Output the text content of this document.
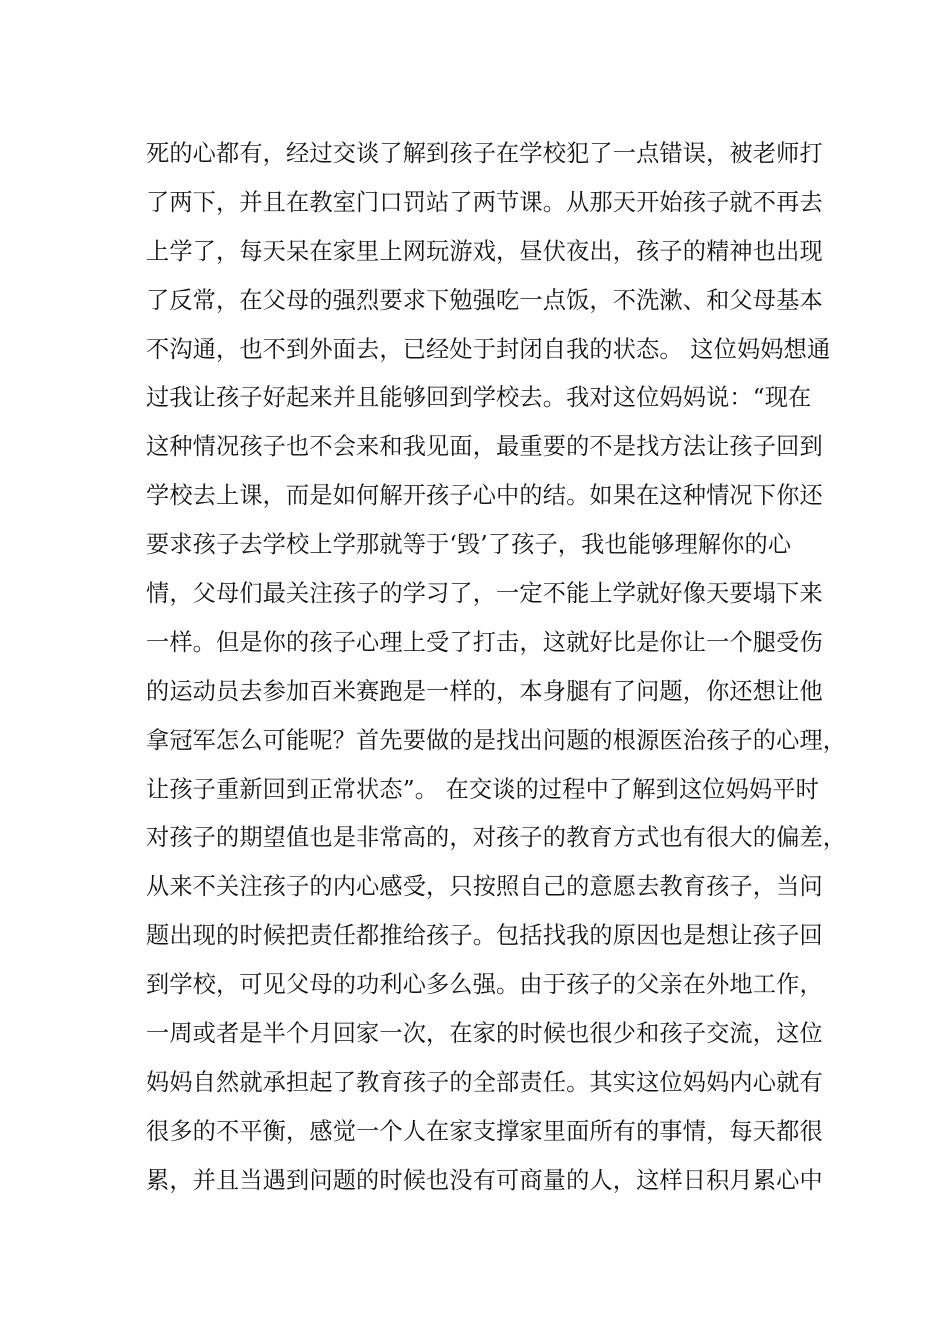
死的心都有，经过交谈了解到孩子在学校犯了一点错误，被老师打
了两下，并且在教室门口罚站了两节课。从那天开始孩子就不再去
上学了，每天呆在家里上网玩游戏，昼伏夜出，孩子的精神也出现
了反常，在父母的强烈要求下勉强吃一点饭，不洗漱、和父母基本
不沟通，也不到外面去，已经处于封闭自我的状态。 这位妈妈想通
过我让孩子好起来并且能够回到学校去。我对这位妈妈说：“现在
这种情况孩子也不会来和我见面，最重要的不是找方法让孩子回到
学校去上课，而是如何解开孩子心中的结。如果在这种情况下你还
要求孩子去学校上学那就等于‘毁’了孩子，我也能够理解你的心
情，父母们最关注孩子的学习了，一定不能上学就好像天要塌下来
一样。但是你的孩子心理上受了打击，这就好比是你让一个腿受伤
的运动员去参加百米赛跑是一样的，本身腿有了问题，你还想让他
拿冠军怎么可能呢？首先要做的是找出问题的根源医治孩子的心理，
让孩子重新回到正常状态”。 在交谈的过程中了解到这位妈妈平时
对孩子的期望值也是非常高的，对孩子的教育方式也有很大的偏差，
从来不关注孩子的内心感受，只按照自己的意愿去教育孩子，当问
题出现的时候把责任都推给孩子。包括找我的原因也是想让孩子回
到学校，可见父母的功利心多么强。由于孩子的父亲在外地工作，
一周或者是半个月回家一次，在家的时候也很少和孩子交流，这位
妈妈自然就承担起了教育孩子的全部责任。其实这位妈妈内心就有
很多的不平衡，感觉一个人在家支撑家里面所有的事情，每天都很
累，并且当遇到问题的时候也没有可商量的人，这样日积月累心中
